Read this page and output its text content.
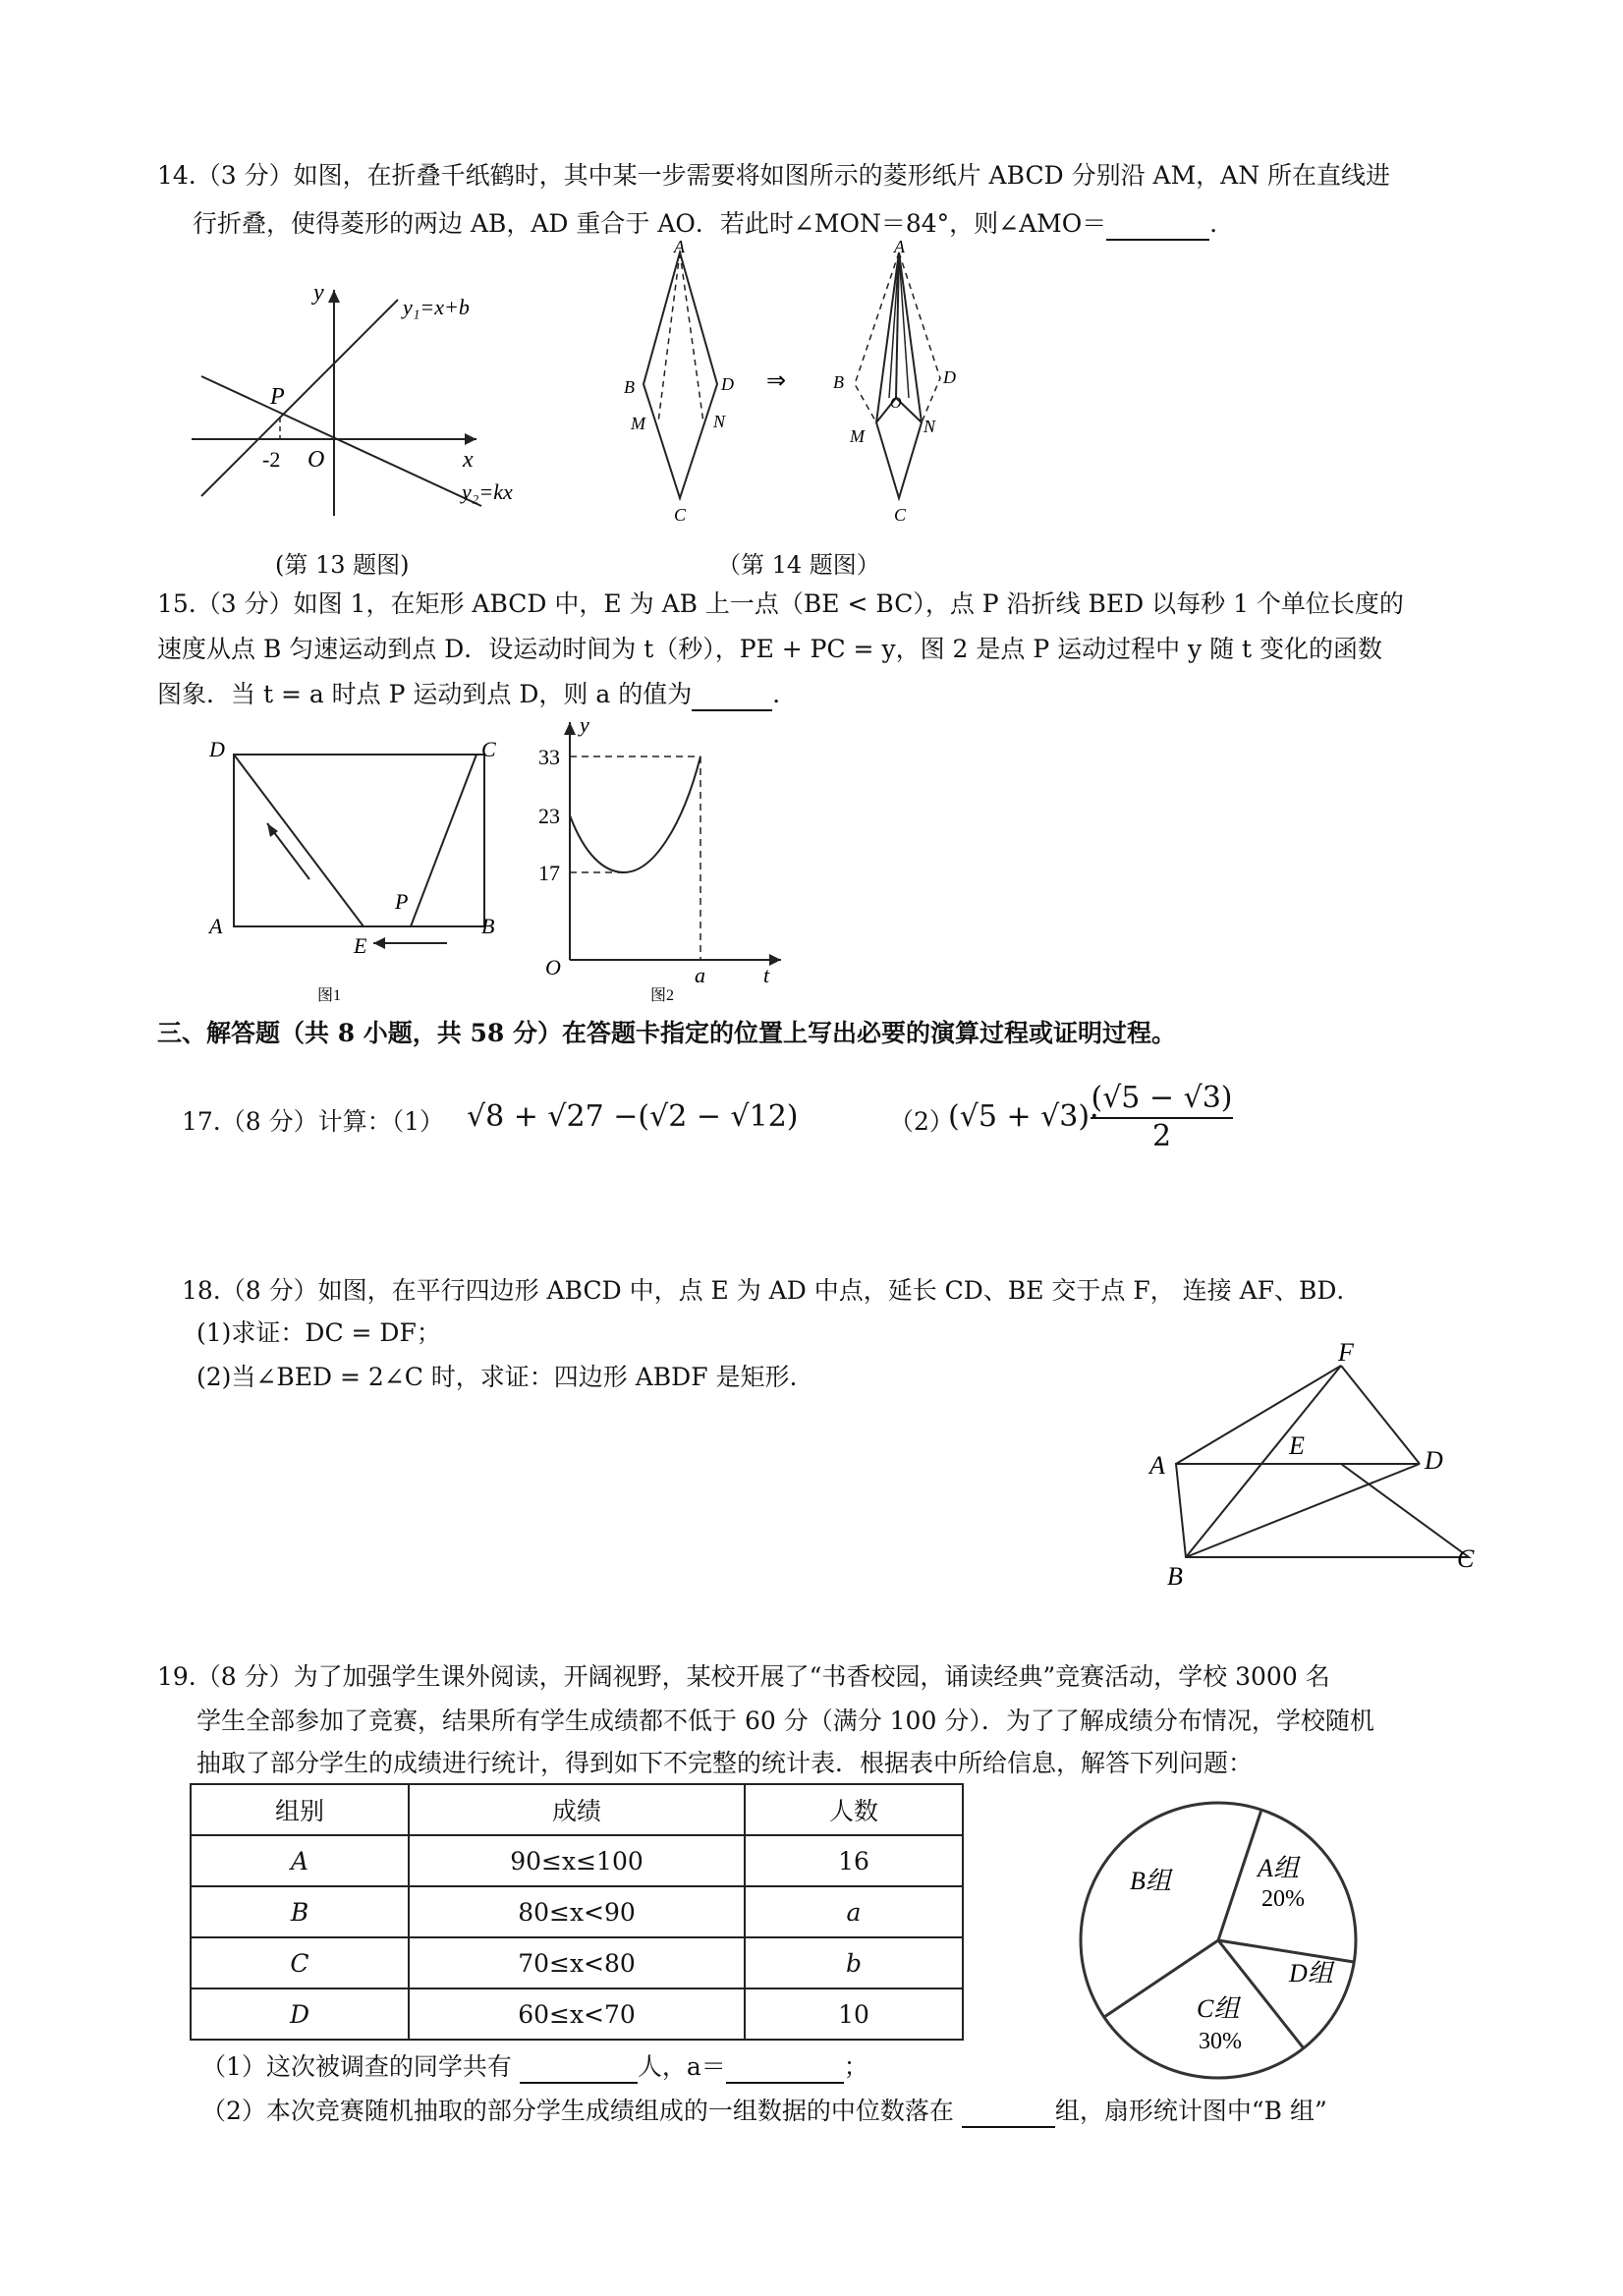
14.（3 分）如图，在折叠千纸鹤时，其中某一步需要将如图所示的菱形纸片 ABCD 分别沿 AM，AN 所在直线进
行折叠，使得菱形的两边 AB，AD 重合于 AO．若此时∠MON＝84°，则∠AMO＝	．
y
x
O
P
-2
y₁=x+b
y₂=kx
(第 13 题图)
A
B	D
M	N
C
⇒
A
B	D
O
M	N
C
（第 14 题图）
15.（3 分）如图 1，在矩形 ABCD 中，E 为 AB 上一点（BE < BC），点 P 沿折线 BED 以每秒 1 个单位长度的
速度从点 B 匀速运动到点 D．设运动时间为 t（秒），PE + PC = y，图 2 是点 P 运动过程中 y 随 t 变化的函数
图象．当 t = a 时点 P 运动到点 D，则 a 的值为	．
D	C
A	B
E
P
图1
y
t
O	a
33
23
17
图2
三、解答题（共 8 小题，共 58 分）在答题卡指定的位置上写出必要的演算过程或证明过程。
17.（8 分）计算：（1） √8 + √27 −(√2 − √12)	（2）
(√5 + √3)·
$\frac{(√5 - √3)}{2}$
18.（8 分）如图，在平行四边形 ABCD 中，点 E 为 AD 中点，延长 CD、BE 交于点 F， 连接 AF、BD．
(1)求证：DC = DF；
(2)当∠BED = 2∠C 时，求证：四边形 ABDF 是矩形.
F
A
E
D
B
C
19.（8 分）为了加强学生课外阅读，开阔视野，某校开展了“书香校园，诵读经典”竞赛活动，学校 3000 名
学生全部参加了竞赛，结果所有学生成绩都不低于 60 分（满分 100 分）．为了了解成绩分布情况，学校随机
抽取了部分学生的成绩进行统计，得到如下不完整的统计表．根据表中所给信息，解答下列问题：
组别	成绩	人数
A	90≤x≤100	16
B	80≤x<90	a
C	70≤x<80	b
D	60≤x<70	10
A组
20%
B组
D组
C组
30%
（1）这次被调查的同学共有	人，a＝	；
（2）本次竞赛随机抽取的部分学生成绩组成的一组数据的中位数落在	组，扇形统计图中“B 组”
